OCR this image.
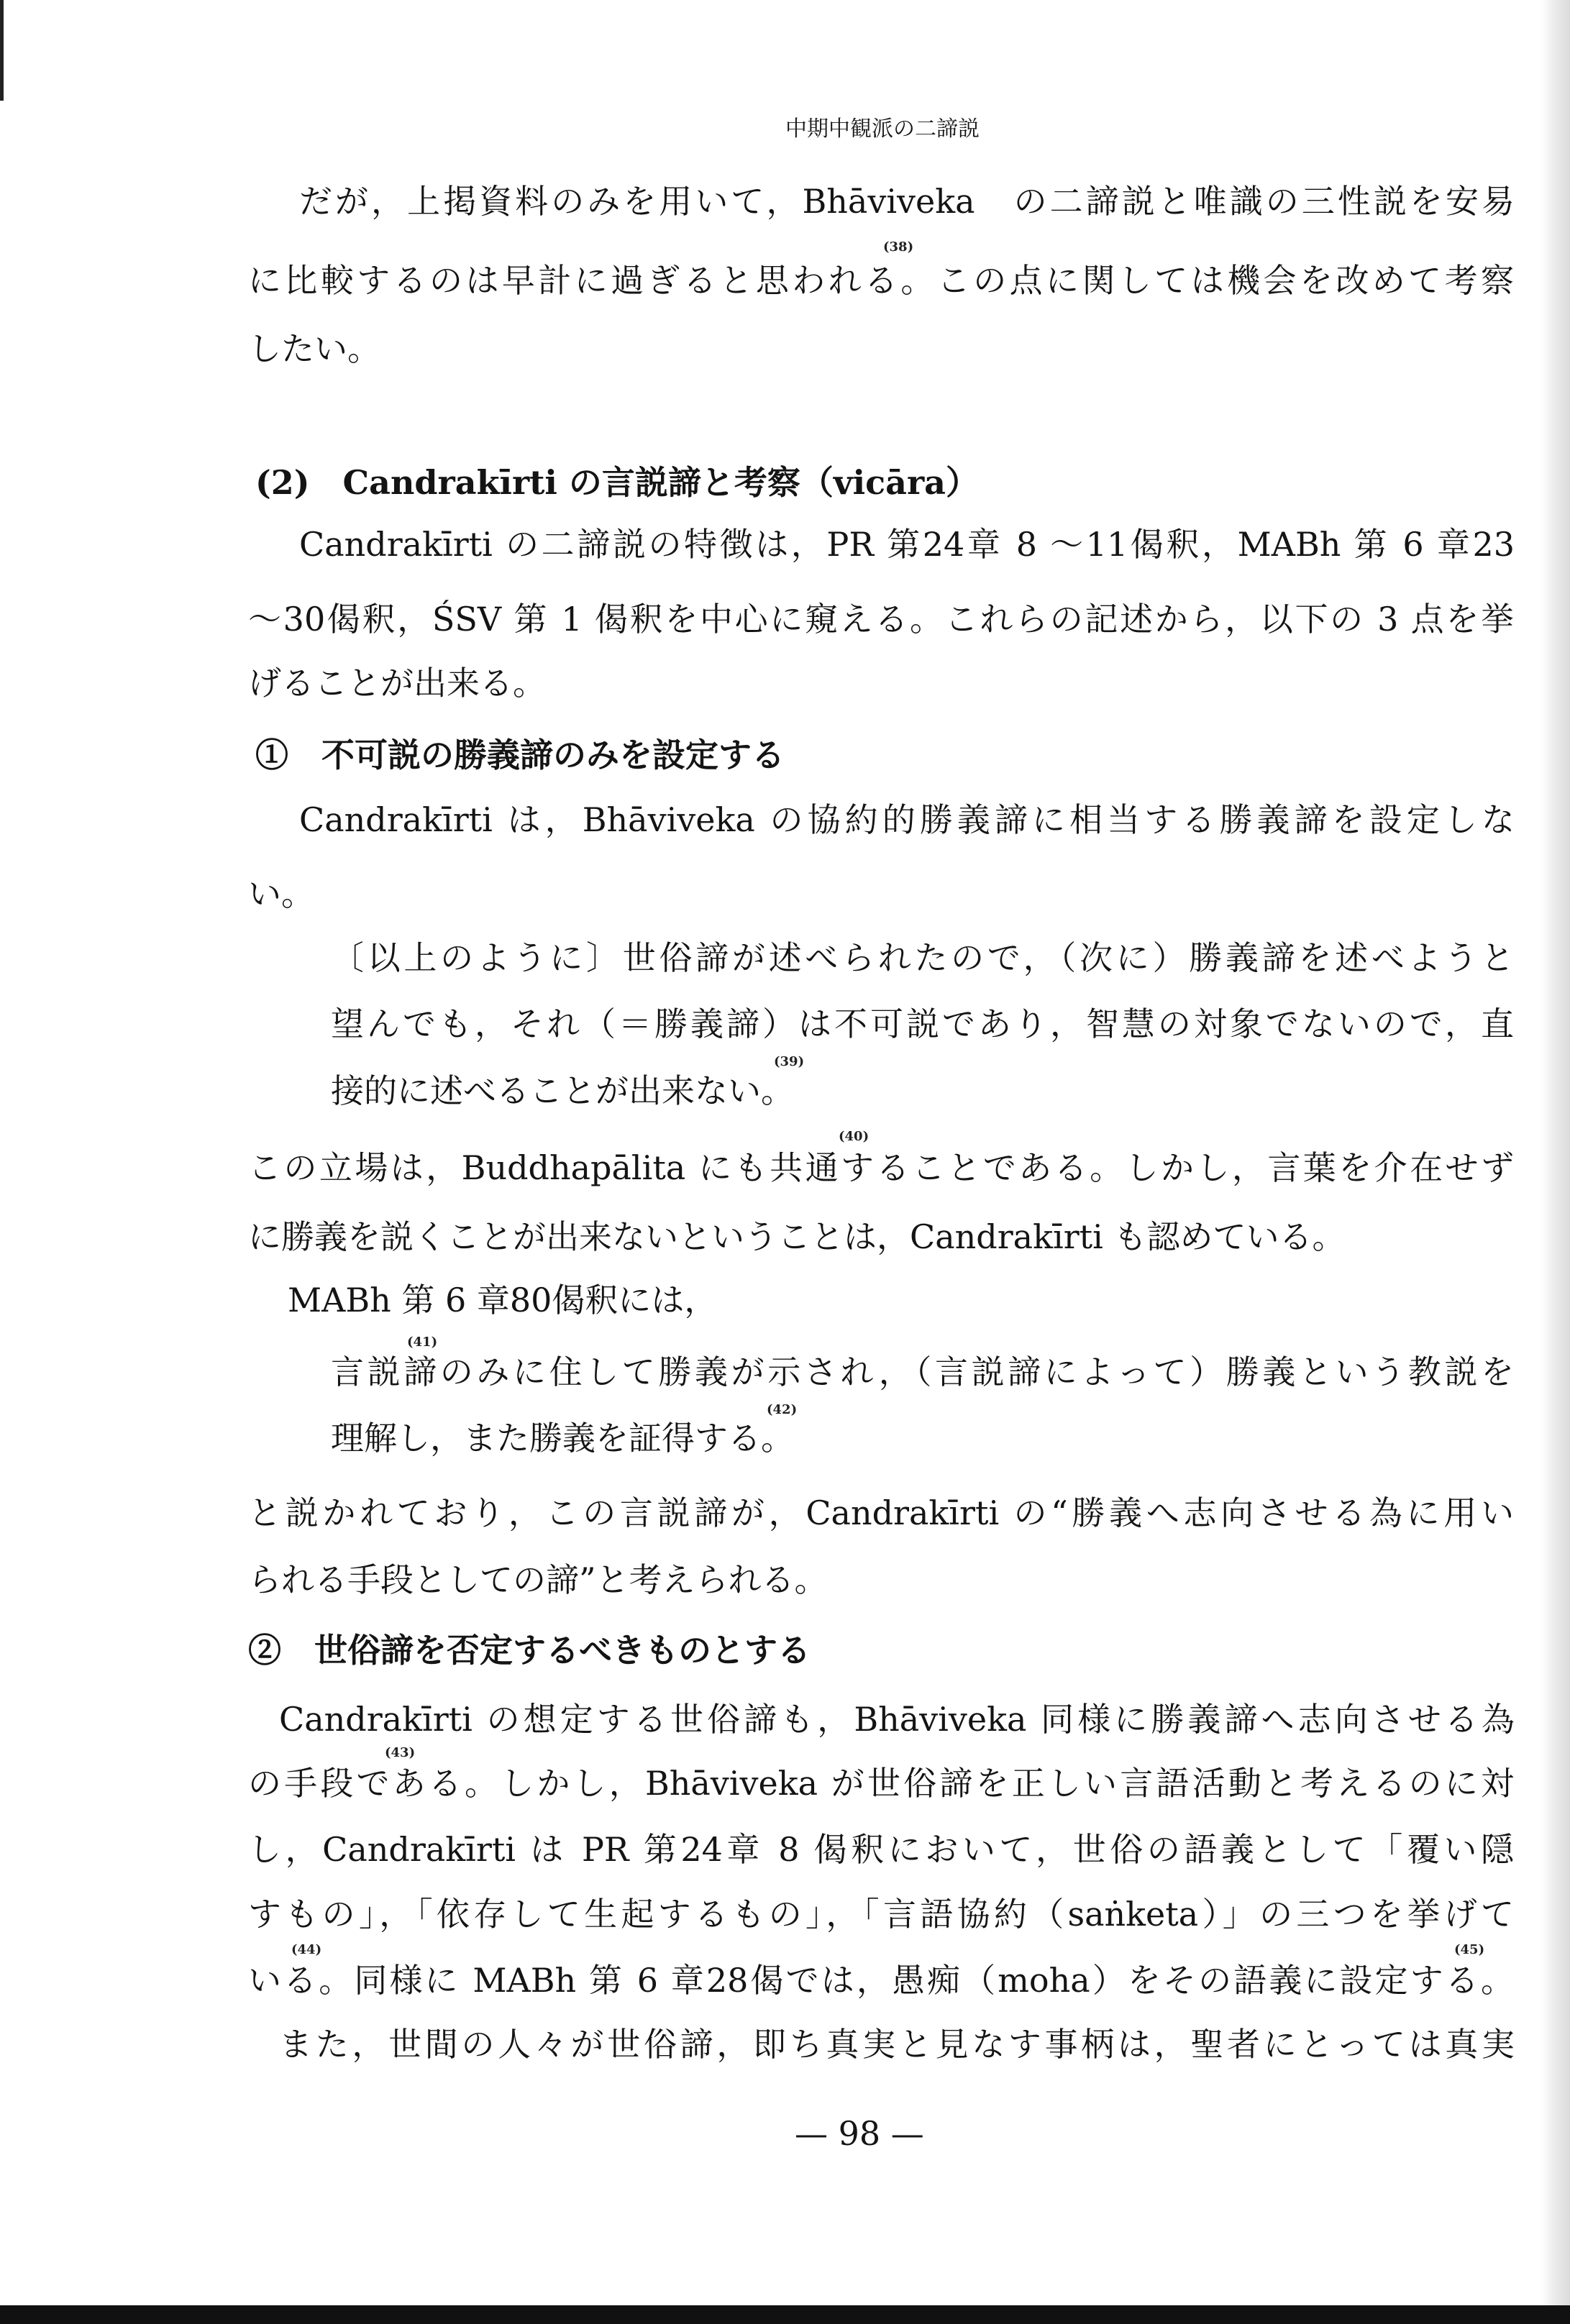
中期中観派の二諦説
だが，上掲資料のみを用いて，Bhāviveka　の二諦説と唯識の三性説を安易
に比較するのは早計に過ぎると思われる。この点に関しては機会を改めて考察
したい。
(2)　Candrakīrti の言説諦と考察（vicāra）
Candrakīrti の二諦説の特徴は，PR 第24章 8 ～11偈釈，MABh 第 6 章23
～30偈釈，ŚSV 第 1 偈釈を中心に窺える。これらの記述から，以下の 3 点を挙
げることが出来る。
①　不可説の勝義諦のみを設定する
Candrakīrti は，Bhāviveka の協約的勝義諦に相当する勝義諦を設定しな
い。
〔以上のように〕世俗諦が述べられたので，（次に）勝義諦を述べようと
望んでも，それ（＝勝義諦）は不可説であり，智慧の対象でないので，直
接的に述べることが出来ない。
この立場は，Buddhapālita にも共通することである。しかし，言葉を介在せず
に勝義を説くことが出来ないということは，Candrakīrti も認めている。
MABh 第 6 章80偈釈には，
言説諦のみに住して勝義が示され，（言説諦によって）勝義という教説を
理解し，また勝義を証得する。
と説かれており，この言説諦が，Candrakīrti の“勝義へ志向させる為に用い
られる手段としての諦”と考えられる。
②　世俗諦を否定するべきものとする
Candrakīrti の想定する世俗諦も，Bhāviveka 同様に勝義諦へ志向させる為
の手段である。しかし，Bhāviveka が世俗諦を正しい言語活動と考えるのに対
し，Candrakīrti は PR 第24章 8 偈釈において，世俗の語義として「覆い隠
すもの」，「依存して生起するもの」，「言語協約（saṅketa）」の三つを挙げて
いる。同様に MABh 第 6 章28偈では，愚痴（moha）をその語義に設定する。
また，世間の人々が世俗諦，即ち真実と見なす事柄は，聖者にとっては真実
(38)
(39)
(40)
(41)
(42)
(43)
(44)	(45)
— 98 —
